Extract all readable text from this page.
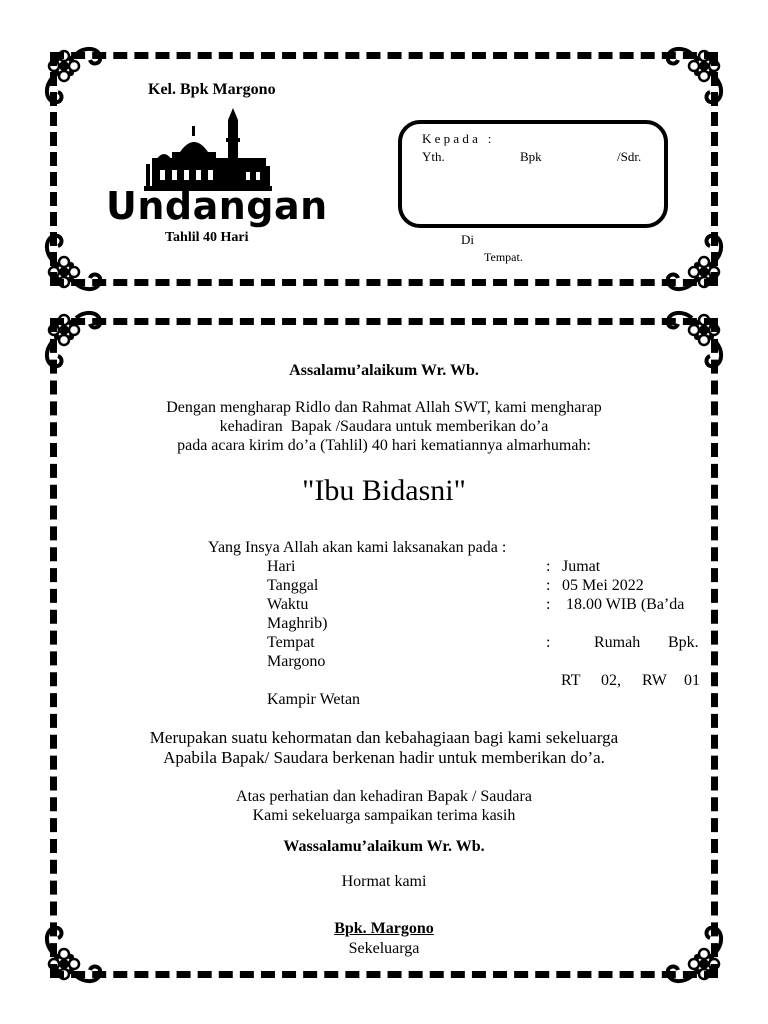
Kel. Bpk Margono
Undangan
Tahlil 40 Hari
K e p a d a   :
Yth.	Bpk	/Sdr.
Di
Tempat.
Assalamu’alaikum Wr. Wb.
Dengan mengharap Ridlo dan Rahmat Allah SWT, kami mengharap
kehadiran  Bapak /Saudara untuk memberikan do’a
pada acara kirim do’a (Tahlil) 40 hari kematiannya almarhumah:
"Ibu Bidasni"
Yang Insya Allah akan kami laksanakan pada :
Hari	: Jumat
Tanggal	: 05 Mei 2022
Waktu	: 18.00 WIB (Ba’da
Maghrib)
Tempat	:	Rumah Bpk.
Margono
RT 02, RW 01
Kampir Wetan
Merupakan suatu kehormatan dan kebahagiaan bagi kami sekeluarga
Apabila Bapak/ Saudara berkenan hadir untuk memberikan do’a.
Atas perhatian dan kehadiran Bapak / Saudara
Kami sekeluarga sampaikan terima kasih
Wassalamu’alaikum Wr. Wb.
Hormat kami
Bpk. Margono
Sekeluarga
